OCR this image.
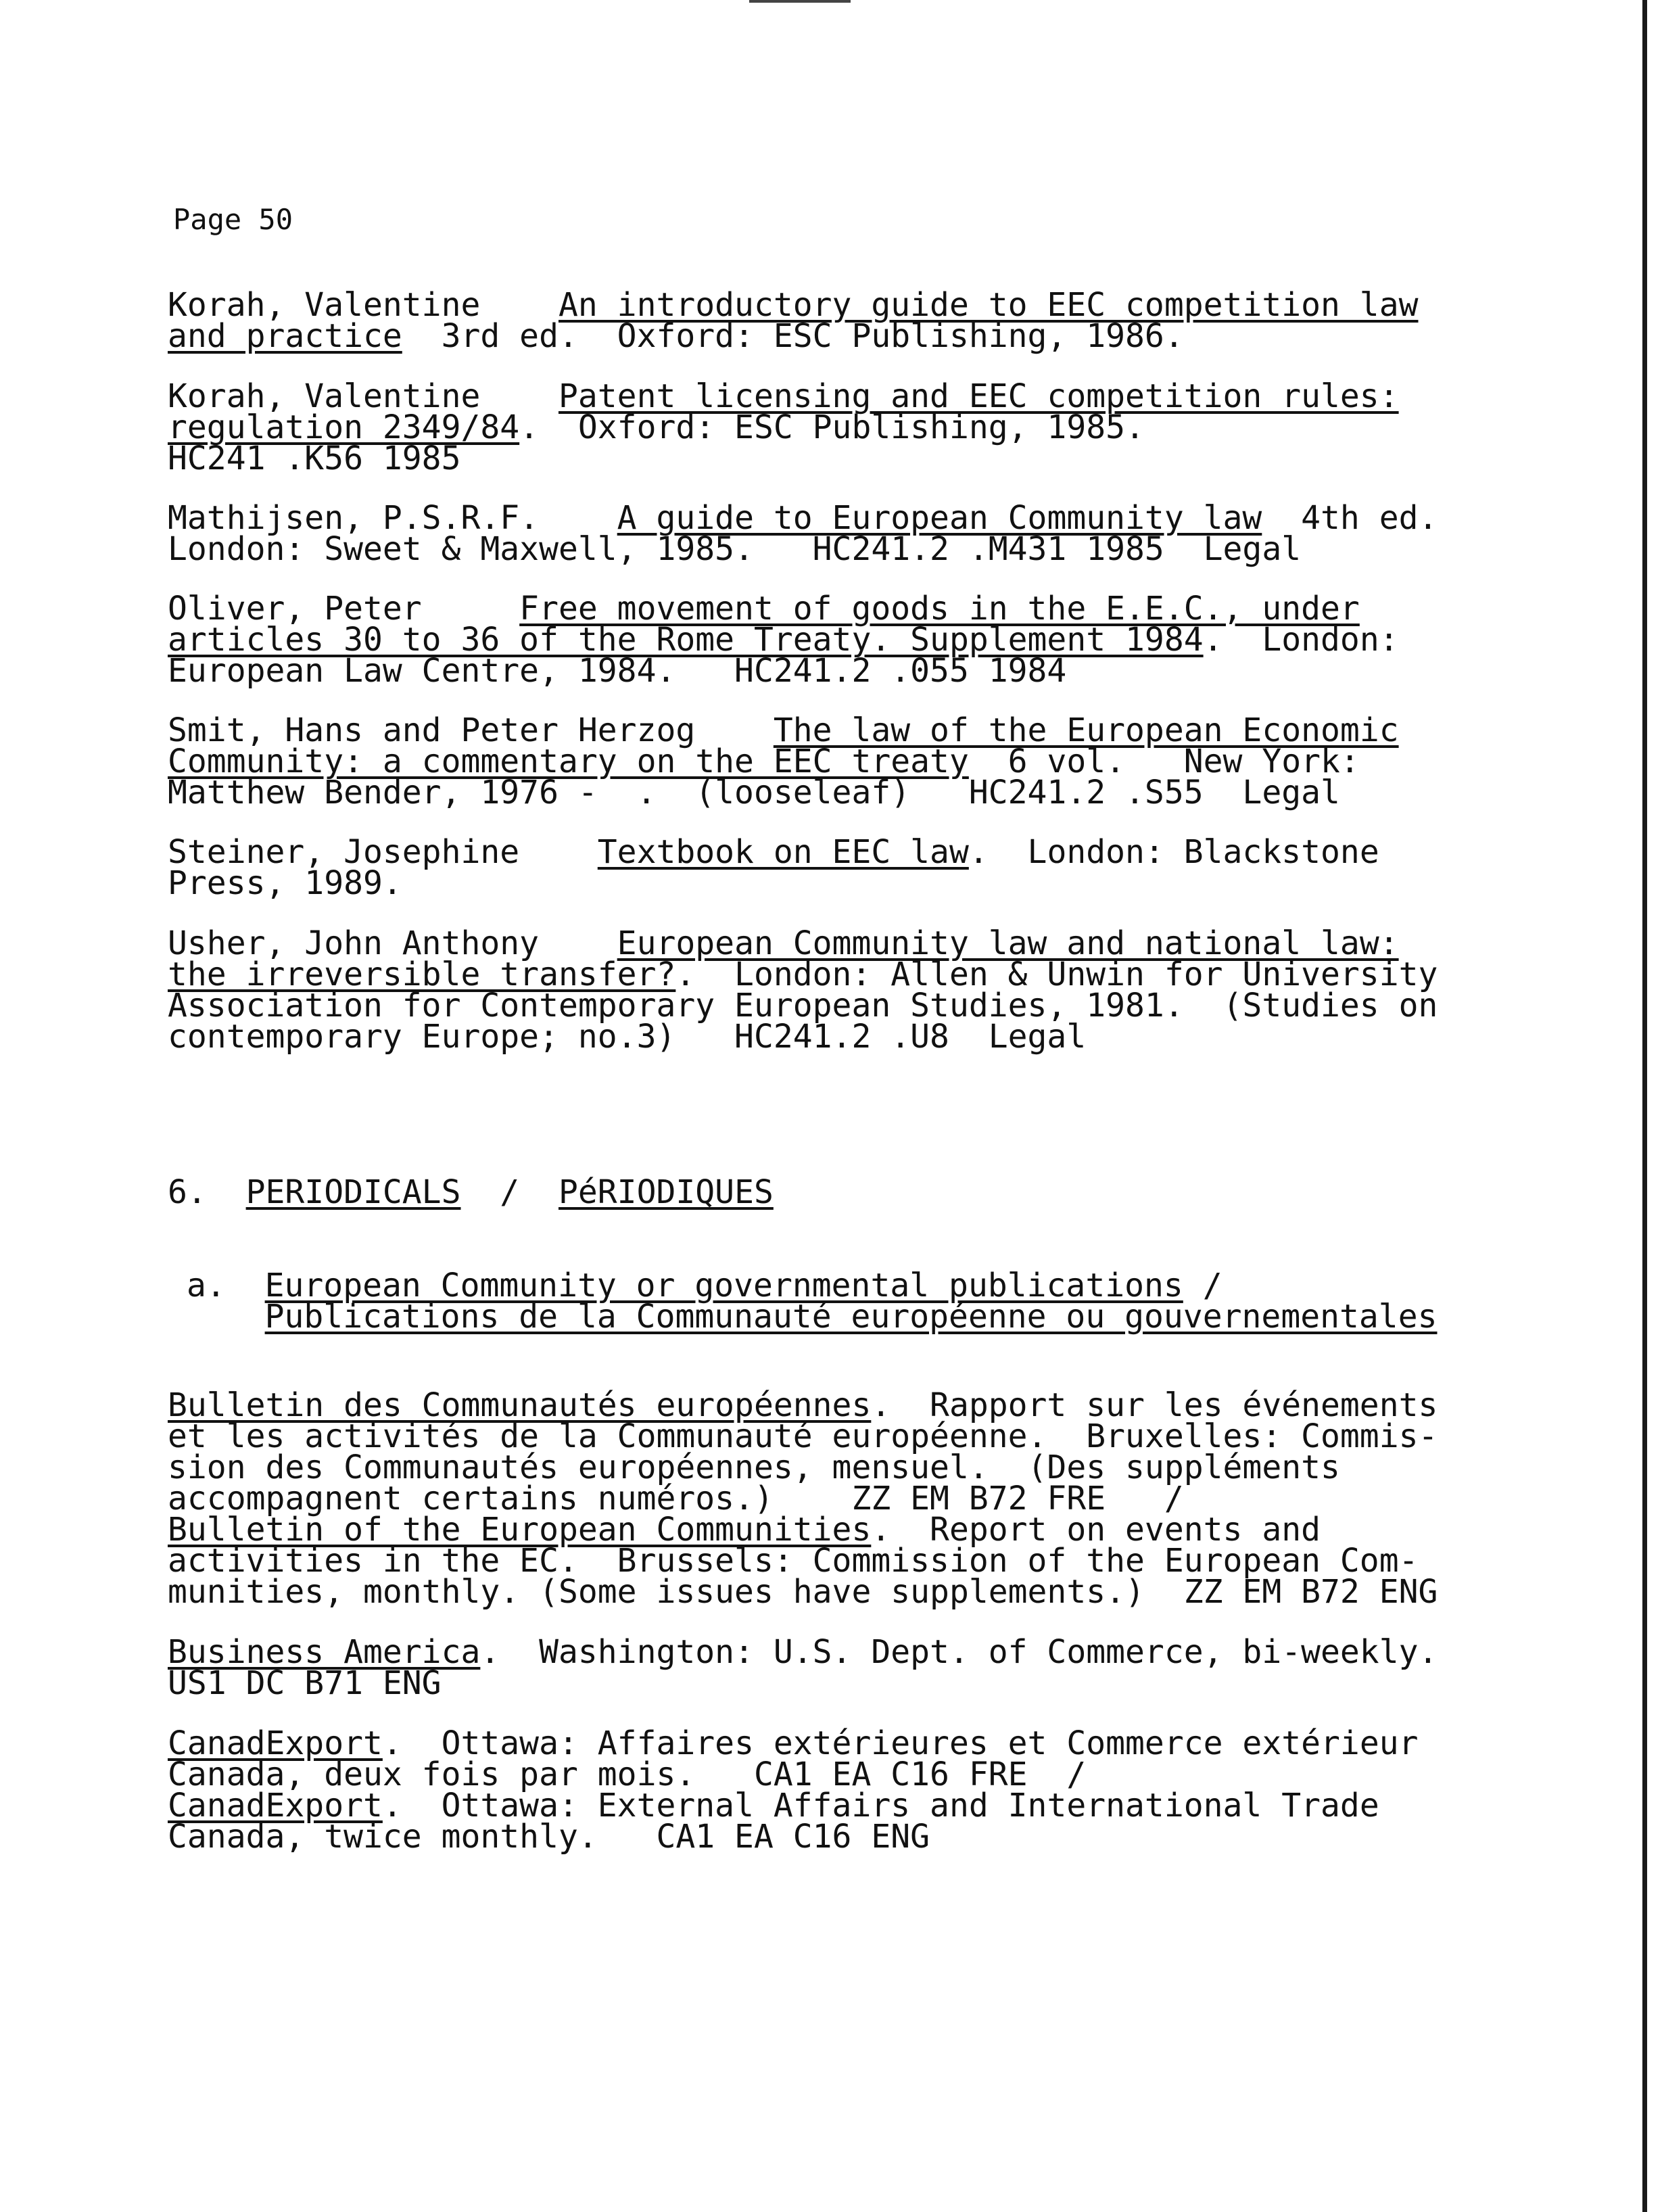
Page 50
Korah, Valentine    An introductory guide to EEC competition law
and practice  3rd ed.  Oxford: ESC Publishing, 1986.
Korah, Valentine    Patent licensing and EEC competition rules:
regulation 2349/84.  Oxford: ESC Publishing, 1985.
HC241 .K56 1985
Mathijsen, P.S.R.F.    A guide to European Community law  4th ed.
London: Sweet & Maxwell, 1985.   HC241.2 .M431 1985  Legal
Oliver, Peter     Free movement of goods in the E.E.C., under
articles 30 to 36 of the Rome Treaty. Supplement 1984.  London:
European Law Centre, 1984.   HC241.2 .055 1984
Smit, Hans and Peter Herzog    The law of the European Economic
Community: a commentary on the EEC treaty  6 vol.   New York:
Matthew Bender, 1976 -  .  (looseleaf)   HC241.2 .S55  Legal
Steiner, Josephine    Textbook on EEC law.  London: Blackstone
Press, 1989.
Usher, John Anthony    European Community law and national law:
the irreversible transfer?.  London: Allen & Unwin for University
Association for Contemporary European Studies, 1981.  (Studies on
contemporary Europe; no.3)   HC241.2 .U8  Legal
6. PERIODICALS / PéRIODIQUES
a. European Community or governmental publications /
Publications de la Communauté européenne ou gouvernementales
Bulletin des Communautés européennes.  Rapport sur les événements
et les activités de la Communauté européenne.  Bruxelles: Commis-
sion des Communautés européennes, mensuel.  (Des suppléments
accompagnent certains numéros.)    ZZ EM B72 FRE   /
Bulletin of the European Communities.  Report on events and
activities in the EC.  Brussels: Commission of the European Com-
munities, monthly. (Some issues have supplements.)  ZZ EM B72 ENG
Business America.  Washington: U.S. Dept. of Commerce, bi-weekly.
US1 DC B71 ENG
CanadExport.  Ottawa: Affaires extérieures et Commerce extérieur
Canada, deux fois par mois.   CA1 EA C16 FRE  /
CanadExport.  Ottawa: External Affairs and International Trade
Canada, twice monthly.   CA1 EA C16 ENG
